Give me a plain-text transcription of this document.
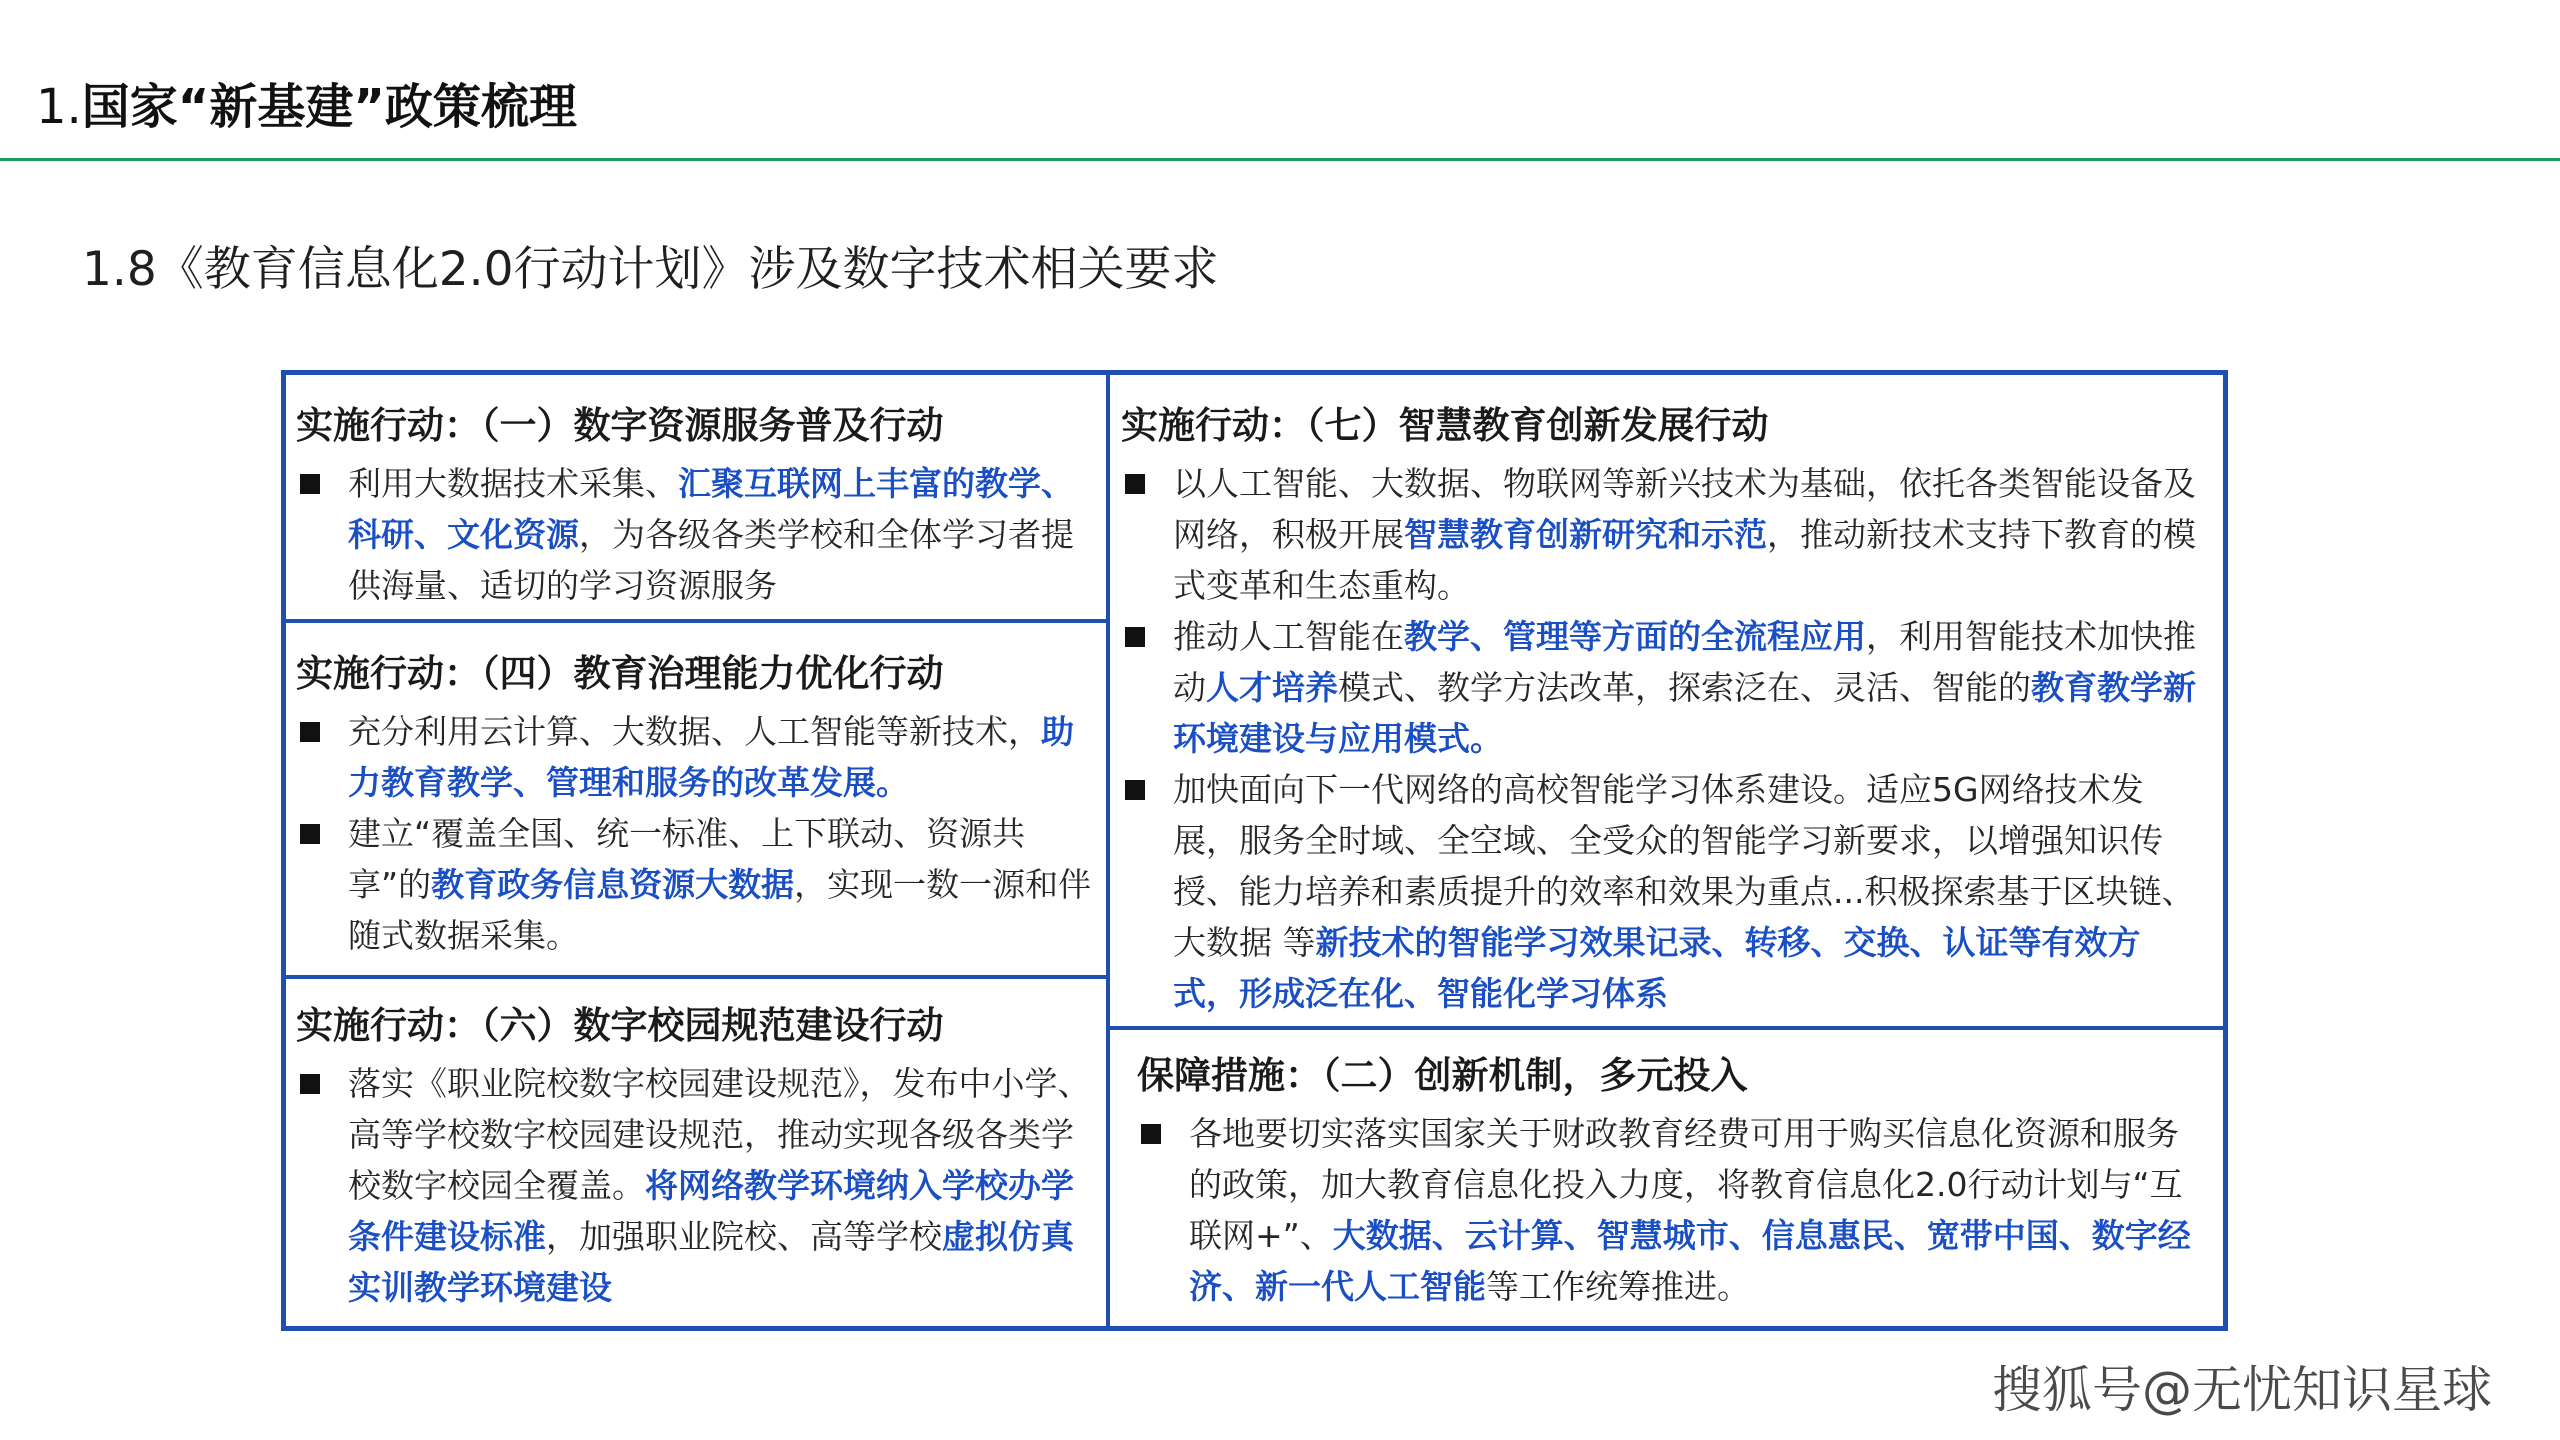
1.国家“新基建”政策梳理
1.8《教育信息化2.0行动计划》涉及数字技术相关要求
实施行动：（一）数字资源服务普及行动
利用大数据技术采集、汇聚互联网上丰富的教学、科研、文化资源，为各级各类学校和全体学习者提供海量、适切的学习资源服务
实施行动：（四）教育治理能力优化行动
充分利用云计算、大数据、人工智能等新技术，助力教育教学、管理和服务的改革发展。
建立“覆盖全国、统一标准、上下联动、资源共享”的教育政务信息资源大数据，实现一数一源和伴随式数据采集。
实施行动：（六）数字校园规范建设行动
落实《职业院校数字校园建设规范》，发布中小学、高等学校数字校园建设规范，推动实现各级各类学校数字校园全覆盖。将网络教学环境纳入学校办学条件建设标准，加强职业院校、高等学校虚拟仿真实训教学环境建设
实施行动：（七）智慧教育创新发展行动
以人工智能、大数据、物联网等新兴技术为基础，依托各类智能设备及网络，积极开展智慧教育创新研究和示范，推动新技术支持下教育的模式变革和生态重构。
推动人工智能在教学、管理等方面的全流程应用，利用智能技术加快推动人才培养模式、教学方法改革，探索泛在、灵活、智能的教育教学新环境建设与应用模式。
加快面向下一代网络的高校智能学习体系建设。适应5G网络技术发展，服务全时域、全空域、全受众的智能学习新要求，以增强知识传授、能力培养和素质提升的效率和效果为重点...积极探索基于区块链、大数据 等新技术的智能学习效果记录、转移、交换、认证等有效方式，形成泛在化、智能化学习体系
保障措施：（二）创新机制，多元投入
各地要切实落实国家关于财政教育经费可用于购买信息化资源和服务的政策，加大教育信息化投入力度，将教育信息化2.0行动计划与“互联网+”、大数据、云计算、智慧城市、信息惠民、宽带中国、数字经济、新一代人工智能等工作统筹推进。
搜狐号@无忧知识星球
